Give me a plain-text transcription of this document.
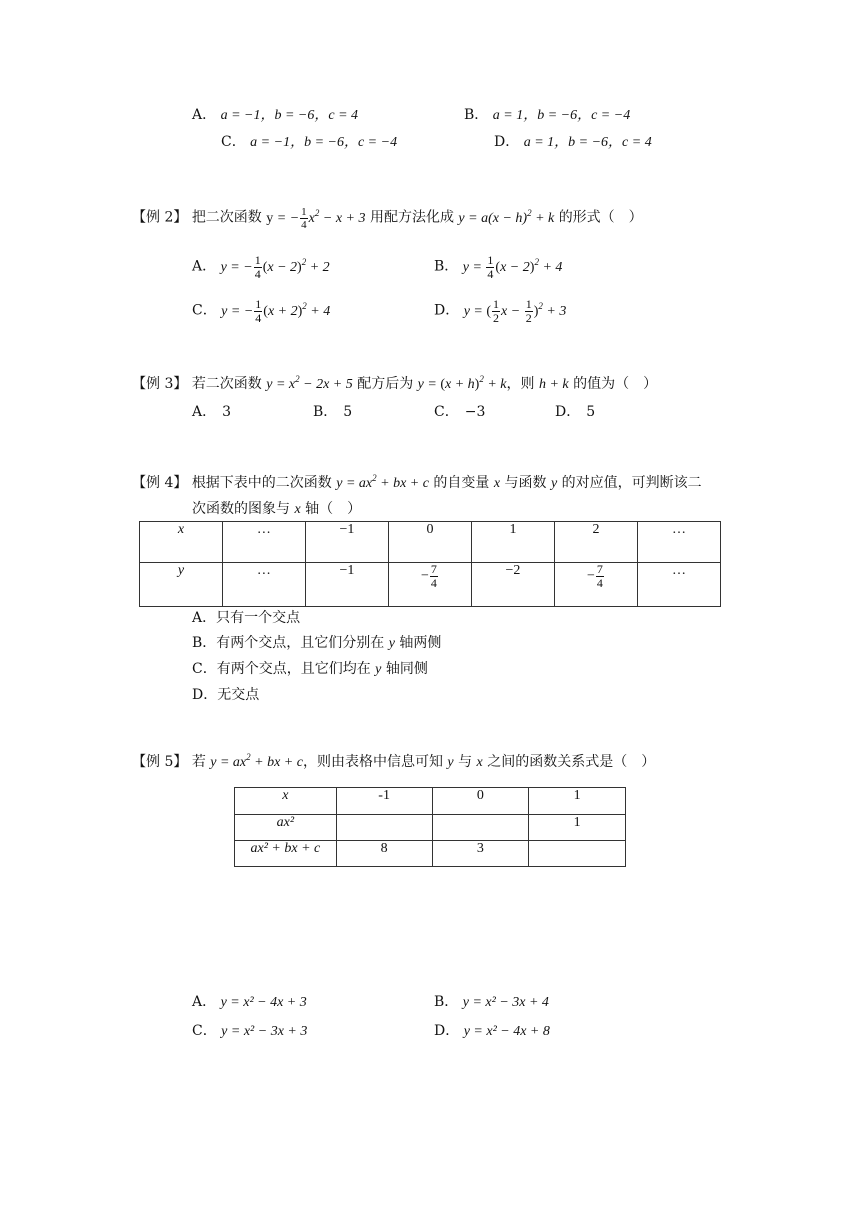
A． a = −1，b = −6，c = 4	B． a = 1，b = −6，c = −4
C． a = −1，b = −6，c = −4	D． a = 1，b = −6，c = 4
【例 2】 把二次函数 y = − $\frac{1}{4} x^2 - x + 3$ 用配方法化成 $y = a(x - h)^2 + k$ 的形式（　）
A． y = − $\frac{1}{4} (x - 2)^2 + 2$	B． $y = \frac{1}{4} (x - 2)^2 + 4$
C． y = − $\frac{1}{4} (x + 2)^2 + 4$	D． y = ( $\frac{1}{2}$ $x - \frac{1}{2} )^2 + 3$
【例 3】 若二次函数 $y = x^2 - 2x + 5$ 配方后为 $y = (x + h)^2 + k$，则 h + k 的值为（　）
A． 3	B． 5	C． −3	D． 5
【例 4】 根据下表中的二次函数 $y = ax^2$ + bx + c 的自变量 x 与函数 y 的对应值，可判断该二
次函数的图象与 x 轴（　）
x	…	−1	0	1	2	…
y	…	−1	− $\frac{7}{4}$	−2	− $\frac{7}{4}$	…
A．只有一个交点
B．有两个交点，且它们分别在 y 轴两侧
C．有两个交点，且它们均在 y 轴同侧
D．无交点
【例 5】 若 $y = ax^2$ + bx + c，则由表格中信息可知 y 与 x 之间的函数关系式是（　）
x	-1	0	1
ax²			1
ax² + bx + c	8	3	
A． y = x² − 4x + 3	B． y = x² − 3x + 4
C． y = x² − 3x + 3	D． y = x² − 4x + 8
